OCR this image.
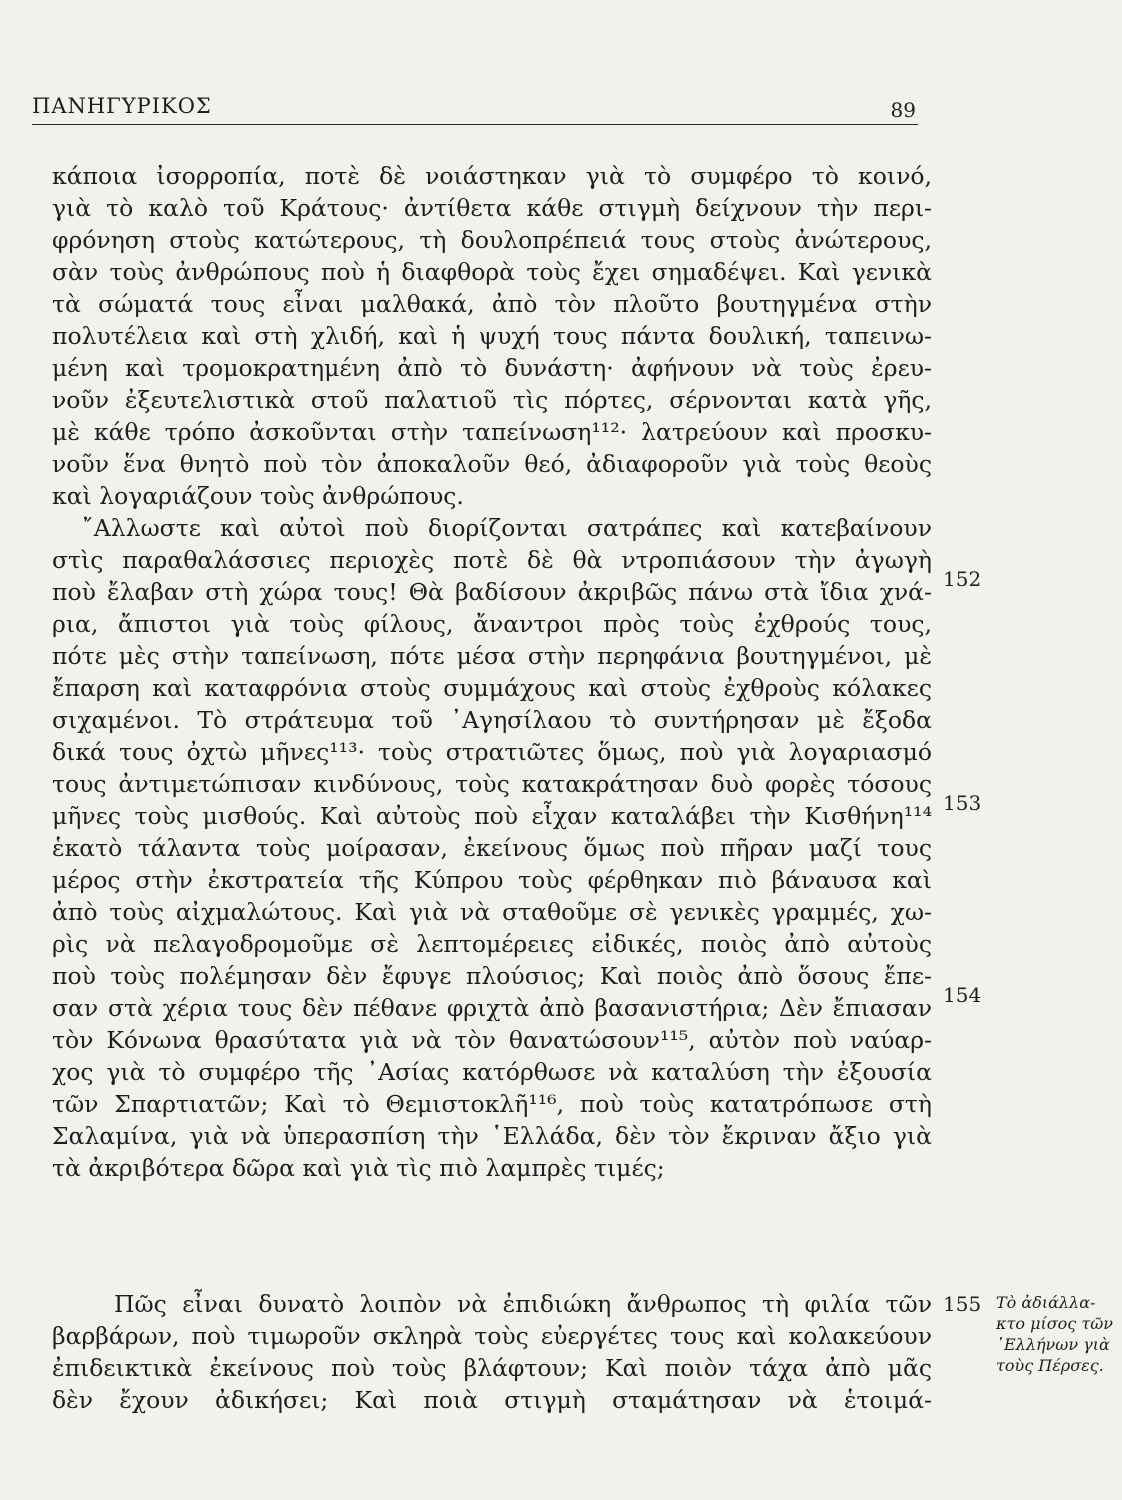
ΠΑΝΗΓΥΡΙΚΟΣ	89
κάποια ἰσορροπία, ποτὲ δὲ νοιάστηκαν γιὰ τὸ συμφέρο τὸ κοινό,
γιὰ τὸ καλὸ τοῦ Κράτους· ἀντίθετα κάθε στιγμὴ δείχνουν τὴν περι-
φρόνηση στοὺς κατώτερους, τὴ δουλοπρέπειά τους στοὺς ἀνώτερους,
σὰν τοὺς ἀνθρώπους ποὺ ἡ διαφθορὰ τοὺς ἔχει σημαδέψει. Καὶ γενικὰ
τὰ σώματά τους εἶναι μαλθακά, ἀπὸ τὸν πλοῦτο βουτηγμένα στὴν
πολυτέλεια καὶ στὴ χλιδή, καὶ ἡ ψυχή τους πάντα δουλική, ταπεινω-
μένη καὶ τρομοκρατημένη ἀπὸ τὸ δυνάστη· ἀφήνουν νὰ τοὺς ἐρευ-
νοῦν ἐξευτελιστικὰ στοῦ παλατιοῦ τὶς πόρτες, σέρνονται κατὰ γῆς,
μὲ κάθε τρόπο ἀσκοῦνται στὴν ταπείνωση¹¹²· λατρεύουν καὶ προσκυ-
νοῦν ἕνα θνητὸ ποὺ τὸν ἀποκαλοῦν θεό, ἀδιαφοροῦν γιὰ τοὺς θεοὺς
καὶ λογαριάζουν τοὺς ἀνθρώπους.
῎Αλλωστε καὶ αὐτοὶ ποὺ διορίζονται σατράπες καὶ κατεβαίνουν
στὶς παραθαλάσσιες περιοχὲς ποτὲ δὲ θὰ ντροπιάσουν τὴν ἀγωγὴ
ποὺ ἔλαβαν στὴ χώρα τους! Θὰ βαδίσουν ἀκριβῶς πάνω στὰ ἴδια χνά-
ρια, ἄπιστοι γιὰ τοὺς φίλους, ἄναντροι πρὸς τοὺς ἐχθρούς τους,
πότε μὲς στὴν ταπείνωση, πότε μέσα στὴν περηφάνια βουτηγμένοι, μὲ
ἔπαρση καὶ καταφρόνια στοὺς συμμάχους καὶ στοὺς ἐχθροὺς κόλακες
σιχαμένοι. Τὸ στράτευμα τοῦ ᾿Αγησίλαου τὸ συντήρησαν μὲ ἔξοδα
δικά τους ὀχτὼ μῆνες¹¹³· τοὺς στρατιῶτες ὅμως, ποὺ γιὰ λογαριασμό
τους ἀντιμετώπισαν κινδύνους, τοὺς κατακράτησαν δυὸ φορὲς τόσους
μῆνες τοὺς μισθούς. Καὶ αὐτοὺς ποὺ εἶχαν καταλάβει τὴν Κισθήνη¹¹⁴
ἑκατὸ τάλαντα τοὺς μοίρασαν, ἐκείνους ὅμως ποὺ πῆραν μαζί τους
μέρος στὴν ἐκστρατεία τῆς Κύπρου τοὺς φέρθηκαν πιὸ βάναυσα καὶ
ἀπὸ τοὺς αἰχμαλώτους. Καὶ γιὰ νὰ σταθοῦμε σὲ γενικὲς γραμμές, χω-
ρὶς νὰ πελαγοδρομοῦμε σὲ λεπτομέρειες εἰδικές, ποιὸς ἀπὸ αὐτοὺς
ποὺ τοὺς πολέμησαν δὲν ἔφυγε πλούσιος; Καὶ ποιὸς ἀπὸ ὅσους ἔπε-
σαν στὰ χέρια τους δὲν πέθανε φριχτὰ ἀπὸ βασανιστήρια; Δὲν ἔπιασαν
τὸν Κόνωνα θρασύτατα γιὰ νὰ τὸν θανατώσουν¹¹⁵, αὐτὸν ποὺ ναύαρ-
χος γιὰ τὸ συμφέρο τῆς ᾿Ασίας κατόρθωσε νὰ καταλύση τὴν ἐξουσία
τῶν Σπαρτιατῶν; Καὶ τὸ Θεμιστοκλῆ¹¹⁶, ποὺ τοὺς κατατρόπωσε στὴ
Σαλαμίνα, γιὰ νὰ ὑπερασπίση τὴν ῾Ελλάδα, δὲν τὸν ἔκριναν ἄξιο γιὰ
τὰ ἀκριβότερα δῶρα καὶ γιὰ τὶς πιὸ λαμπρὲς τιμές;
Πῶς εἶναι δυνατὸ λοιπὸν νὰ ἐπιδιώκη ἄνθρωπος τὴ φιλία τῶν
βαρβάρων, ποὺ τιμωροῦν σκληρὰ τοὺς εὐεργέτες τους καὶ κολακεύουν
ἐπιδεικτικὰ ἐκείνους ποὺ τοὺς βλάφτουν; Καὶ ποιὸν τάχα ἀπὸ μᾶς
δὲν ἔχουν ἀδικήσει; Καὶ ποιὰ στιγμὴ σταμάτησαν νὰ ἑτοιμά-
152
153
154
155 Τὸ ἀδιάλλα-
κτο μίσος τῶν
῾Ελλήνων γιὰ
τοὺς Πέρσες.
